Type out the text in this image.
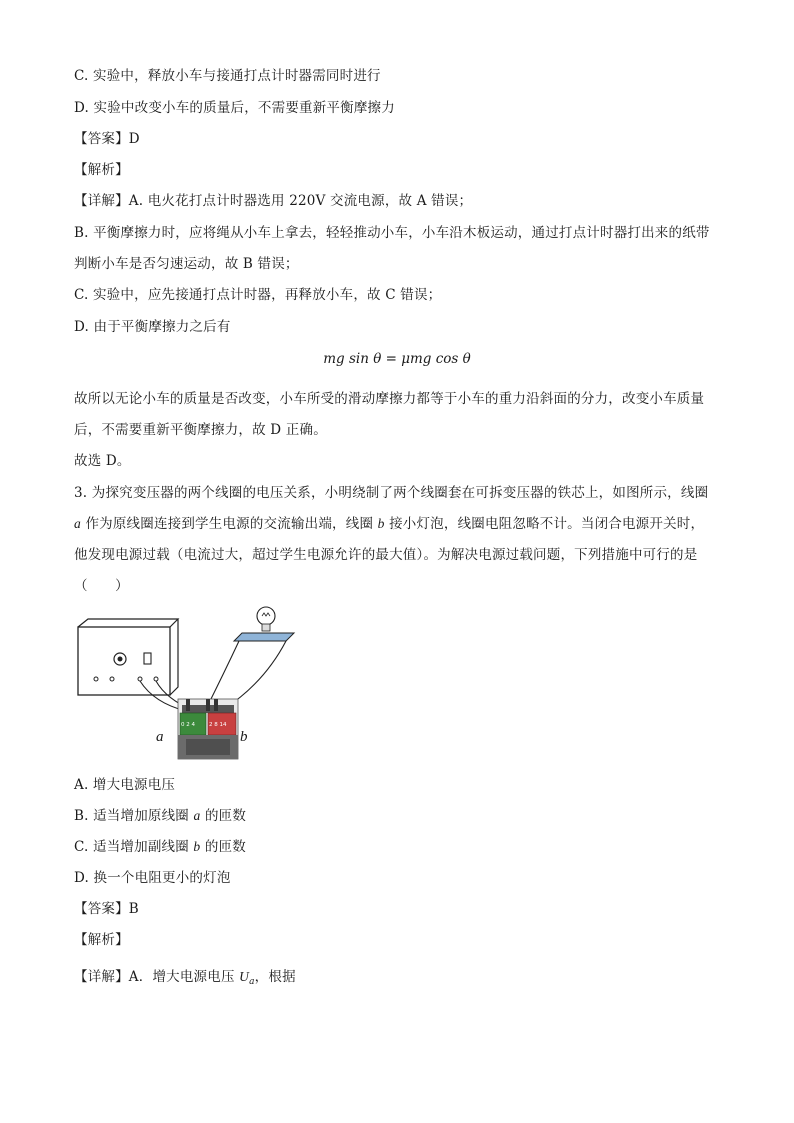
C. 实验中，释放小车与接通打点计时器需同时进行
D. 实验中改变小车的质量后，不需要重新平衡摩擦力
【答案】D
【解析】
【详解】A. 电火花打点计时器选用 220V 交流电源，故 A 错误；
B. 平衡摩擦力时，应将绳从小车上拿去，轻轻推动小车，小车沿木板运动，通过打点计时器打出来的纸带
判断小车是否匀速运动，故 B 错误；
C. 实验中，应先接通打点计时器，再释放小车，故 C 错误；
D. 由于平衡摩擦力之后有
mg sin θ = μmg cos θ
故所以无论小车的质量是否改变，小车所受的滑动摩擦力都等于小车的重力沿斜面的分力，改变小车质量
后，不需要重新平衡摩擦力，故 D 正确。
故选 D。
3. 为探究变压器的两个线圈的电压关系，小明绕制了两个线圈套在可拆变压器的铁芯上，如图所示，线圈
a 作为原线圈连接到学生电源的交流输出端，线圈 b 接小灯泡，线圈电阻忽略不计。当闭合电源开关时，
他发现电源过载（电流过大，超过学生电源允许的最大值）。为解决电源过载问题，下列措施中可行的是
（　　）
0 2 4	2 8 14
a	b
A. 增大电源电压
B. 适当增加原线圈 a 的匝数
C. 适当增加副线圈 b 的匝数
D. 换一个电阻更小的灯泡
【答案】B
【解析】
【详解】A．增大电源电压 $U_a$，根据
